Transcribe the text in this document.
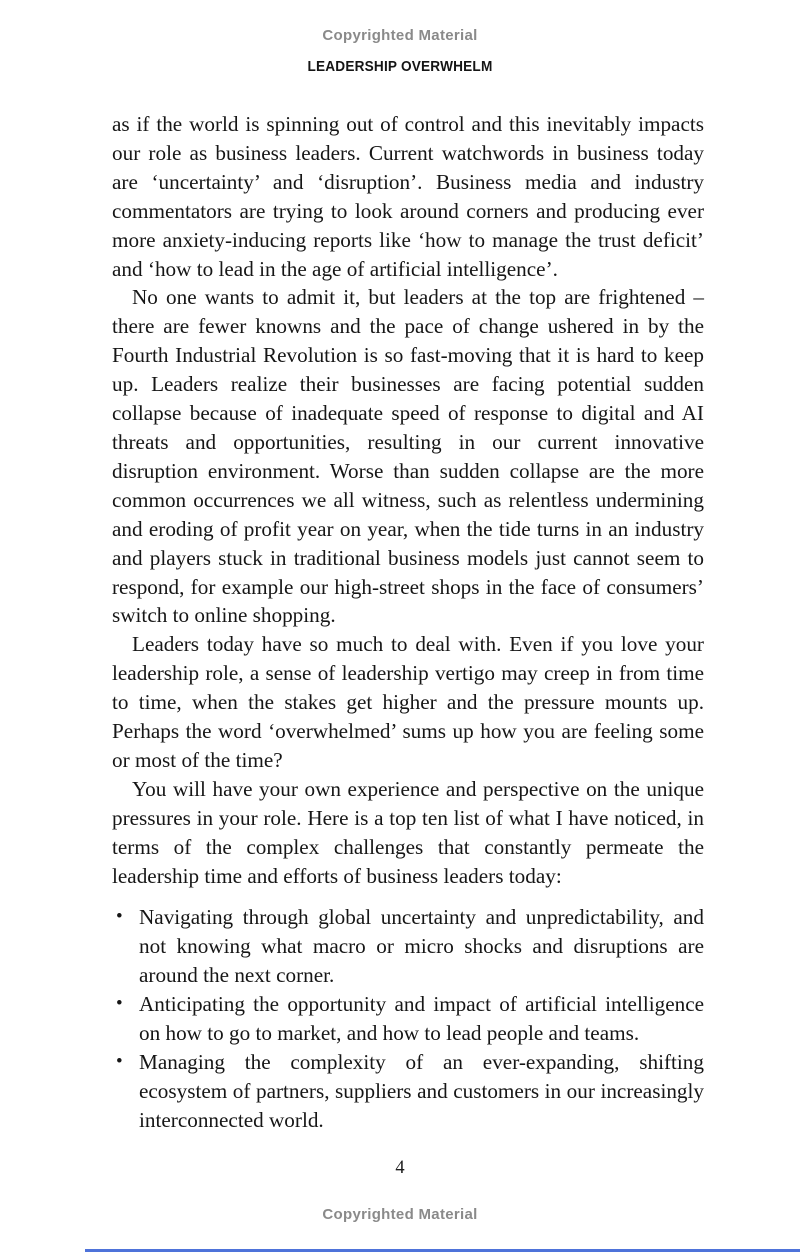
Copyrighted Material
LEADERSHIP OVERWHELM

as if the world is spinning out of control and this inevitably impacts our role as business leaders. Current watchwords in business today are ‘uncertainty’ and ‘disruption’. Business media and industry commentators are trying to look around corners and producing ever more anxiety-inducing reports like ‘how to manage the trust deficit’ and ‘how to lead in the age of artificial intelligence’.

No one wants to admit it, but leaders at the top are frightened – there are fewer knowns and the pace of change ushered in by the Fourth Industrial Revolution is so fast-moving that it is hard to keep up. Leaders realize their businesses are facing potential sudden collapse because of inadequate speed of response to digital and AI threats and opportunities, resulting in our current innovative disruption environment. Worse than sudden collapse are the more common occurrences we all witness, such as relentless undermining and eroding of profit year on year, when the tide turns in an industry and players stuck in traditional business models just cannot seem to respond, for example our high-street shops in the face of consumers’ switch to online shopping.

Leaders today have so much to deal with. Even if you love your leadership role, a sense of leadership vertigo may creep in from time to time, when the stakes get higher and the pressure mounts up. Perhaps the word ‘overwhelmed’ sums up how you are feeling some or most of the time?

You will have your own experience and perspective on the unique pressures in your role. Here is a top ten list of what I have noticed, in terms of the complex challenges that constantly permeate the leadership time and efforts of business leaders today:

• Navigating through global uncertainty and unpredictability, and not knowing what macro or micro shocks and disruptions are around the next corner.
• Anticipating the opportunity and impact of artificial intelligence on how to go to market, and how to lead people and teams.
• Managing the complexity of an ever-expanding, shifting ecosystem of partners, suppliers and customers in our increasingly interconnected world.
4
Copyrighted Material
